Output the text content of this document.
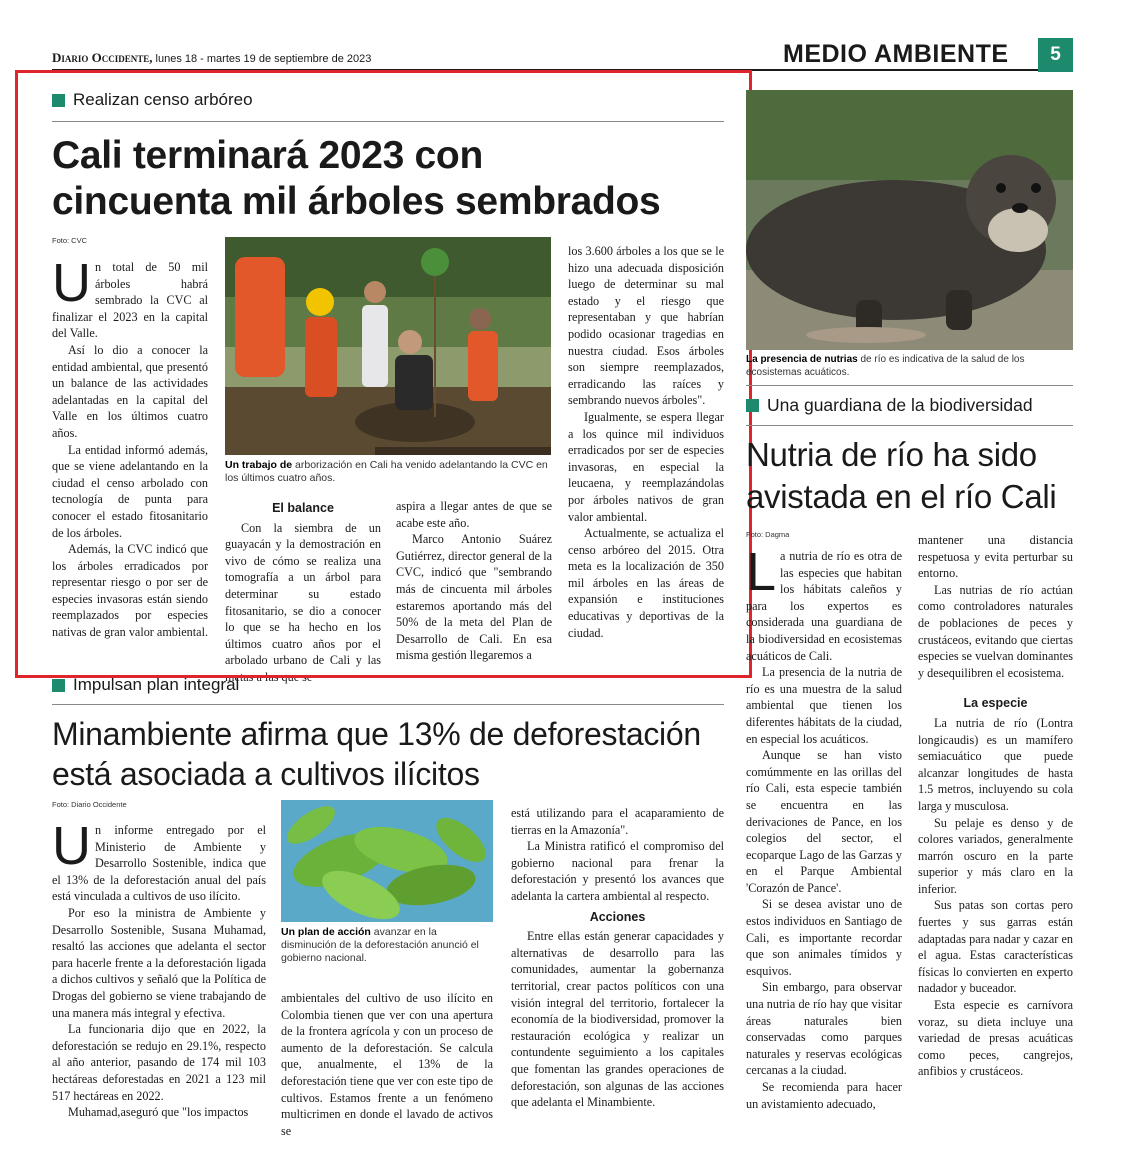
Diario Occidente, lunes 18 - martes 19 de septiembre de 2023	MEDIO AMBIENTE	5
Realizan censo arbóreo
Cali terminará 2023 con
cincuenta mil árboles sembrados
Foto: CVC

Un total de 50 mil árboles habrá sembrado la CVC al finalizar el 2023 en la capital del Valle.

Así lo dio a conocer la entidad ambiental, que presentó un balance de las actividades adelantadas en la capital del Valle en los últimos cuatro años.

La entidad informó además, que se viene adelantando en la ciudad el censo arbolado con tecnología de punta para conocer el estado fitosanitario de los árboles.

Además, la CVC indicó que los árboles erradicados por representar riesgo o por ser de especies invasoras están siendo reemplazados por especies nativas de gran valor ambiental.

Un trabajo de arborización en Cali ha venido adelantando la CVC en los últimos cuatro años.

El balance

Con la siembra de un guayacán y la demostración en vivo de cómo se realiza una tomografía a un árbol para determinar su estado fitosanitario, se dio a conocer lo que se ha hecho en los últimos cuatro años por el arbolado urbano de Cali y las metas a las que se

aspira a llegar antes de que se acabe este año.

Marco Antonio Suárez Gutiérrez, director general de la CVC, indicó que "sembrando más de cincuenta mil árboles estaremos aportando más del 50% de la meta del Plan de Desarrollo de Cali. En esa misma gestión llegaremos a

los 3.600 árboles a los que se le hizo una adecuada disposición luego de determinar su mal estado y el riesgo que representaban y que habrían podido ocasionar tragedias en nuestra ciudad. Esos árboles son siempre reemplazados, erradicando las raíces y sembrando nuevos árboles".

Igualmente, se espera llegar a los quince mil individuos erradicados por ser de especies invasoras, en especial la leucaena, y reemplazándolas por árboles nativos de gran valor ambiental.

Actualmente, se actualiza el censo arbóreo del 2015. Otra meta es la localización de 350 mil árboles en las áreas de expansión e instituciones educativas y deportivas de la ciudad.

Impulsan plan integral
Minambiente afirma que 13% de deforestación
está asociada a cultivos ilícitos
Foto: Diario Occidente

Un informe entregado por el Ministerio de Ambiente y Desarrollo Sostenible, indica que el 13% de la deforestación anual del país está vinculada a cultivos de uso ilícito.

Por eso la ministra de Ambiente y Desarrollo Sostenible, Susana Muhamad, resaltó las acciones que adelanta el sector para hacerle frente a la deforestación ligada a dichos cultivos y señaló que la Política de Drogas del gobierno se viene trabajando de una manera más integral y efectiva.

La funcionaria dijo que en 2022, la deforestación se redujo en 29.1%, respecto al año anterior, pasando de 174 mil 103 hectáreas deforestadas en 2021 a 123 mil 517 hectáreas en 2022.

Muhamad,aseguró que "los impactos

Un plan de acción avanzar en la disminución de la deforestación anunció el gobierno nacional.

ambientales del cultivo de uso ilícito en Colombia tienen que ver con una apertura de la frontera agrícola y con un proceso de aumento de la deforestación. Se calcula que, anualmente, el 13% de la deforestación tiene que ver con este tipo de cultivos. Estamos frente a un fenómeno multicrimen en donde el lavado de activos se

está utilizando para el acaparamiento de tierras en la Amazonía".

La Ministra ratificó el compromiso del gobierno nacional para frenar la deforestación y presentó los avances que adelanta la cartera ambiental al respecto.

Acciones

Entre ellas están generar capacidades y alternativas de desarrollo para las comunidades, aumentar la gobernanza territorial, crear pactos políticos con una visión integral del territorio, fortalecer la economía de la biodiversidad, promover la restauración ecológica y realizar un contundente seguimiento a los capitales que fomentan las grandes operaciones de deforestación, son algunas de las acciones que adelanta el Minambiente.

La presencia de nutrias de río es indicativa de la salud de los ecosistemas acuáticos.
Una guardiana de la biodiversidad
Nutria de río ha sido
avistada en el río Cali
Foto: Dagma

La nutria de río es otra de las especies que habitan los hábitats caleños y para los expertos es considerada una guardiana de la biodiversidad en ecosistemas acuáticos de Cali.

La presencia de la nutria de río es una muestra de la salud ambiental que tienen los diferentes hábitats de la ciudad, en especial los acuáticos.

Aunque se han visto comúmmente en las orillas del río Cali, esta especie también se encuentra en las derivaciones de Pance, en los colegios del sector, el ecoparque Lago de las Garzas y en el Parque Ambiental 'Corazón de Pance'.

Si se desea avistar uno de estos individuos en Santiago de Cali, es importante recordar que son animales tímidos y esquivos.

Sin embargo, para observar una nutria de río hay que visitar áreas naturales bien conservadas como parques naturales y reservas ecológicas cercanas a la ciudad.

Se recomienda para hacer un avistamiento adecuado,

mantener una distancia respetuosa y evita perturbar su entorno.

Las nutrias de río actúan como controladores naturales de poblaciones de peces y crustáceos, evitando que ciertas especies se vuelvan dominantes y desequilibren el ecosistema.

La especie

La nutria de río (Lontra longicaudis) es un mamífero semiacuático que puede alcanzar longitudes de hasta 1.5 metros, incluyendo su cola larga y musculosa.

Su pelaje es denso y de colores variados, generalmente marrón oscuro en la parte superior y más claro en la inferior.

Sus patas son cortas pero fuertes y sus garras están adaptadas para nadar y cazar en el agua. Estas características físicas lo convierten en experto nadador y buceador.

Esta especie es carnívora voraz, su dieta incluye una variedad de presas acuáticas como peces, cangrejos, anfibios y crustáceos.
